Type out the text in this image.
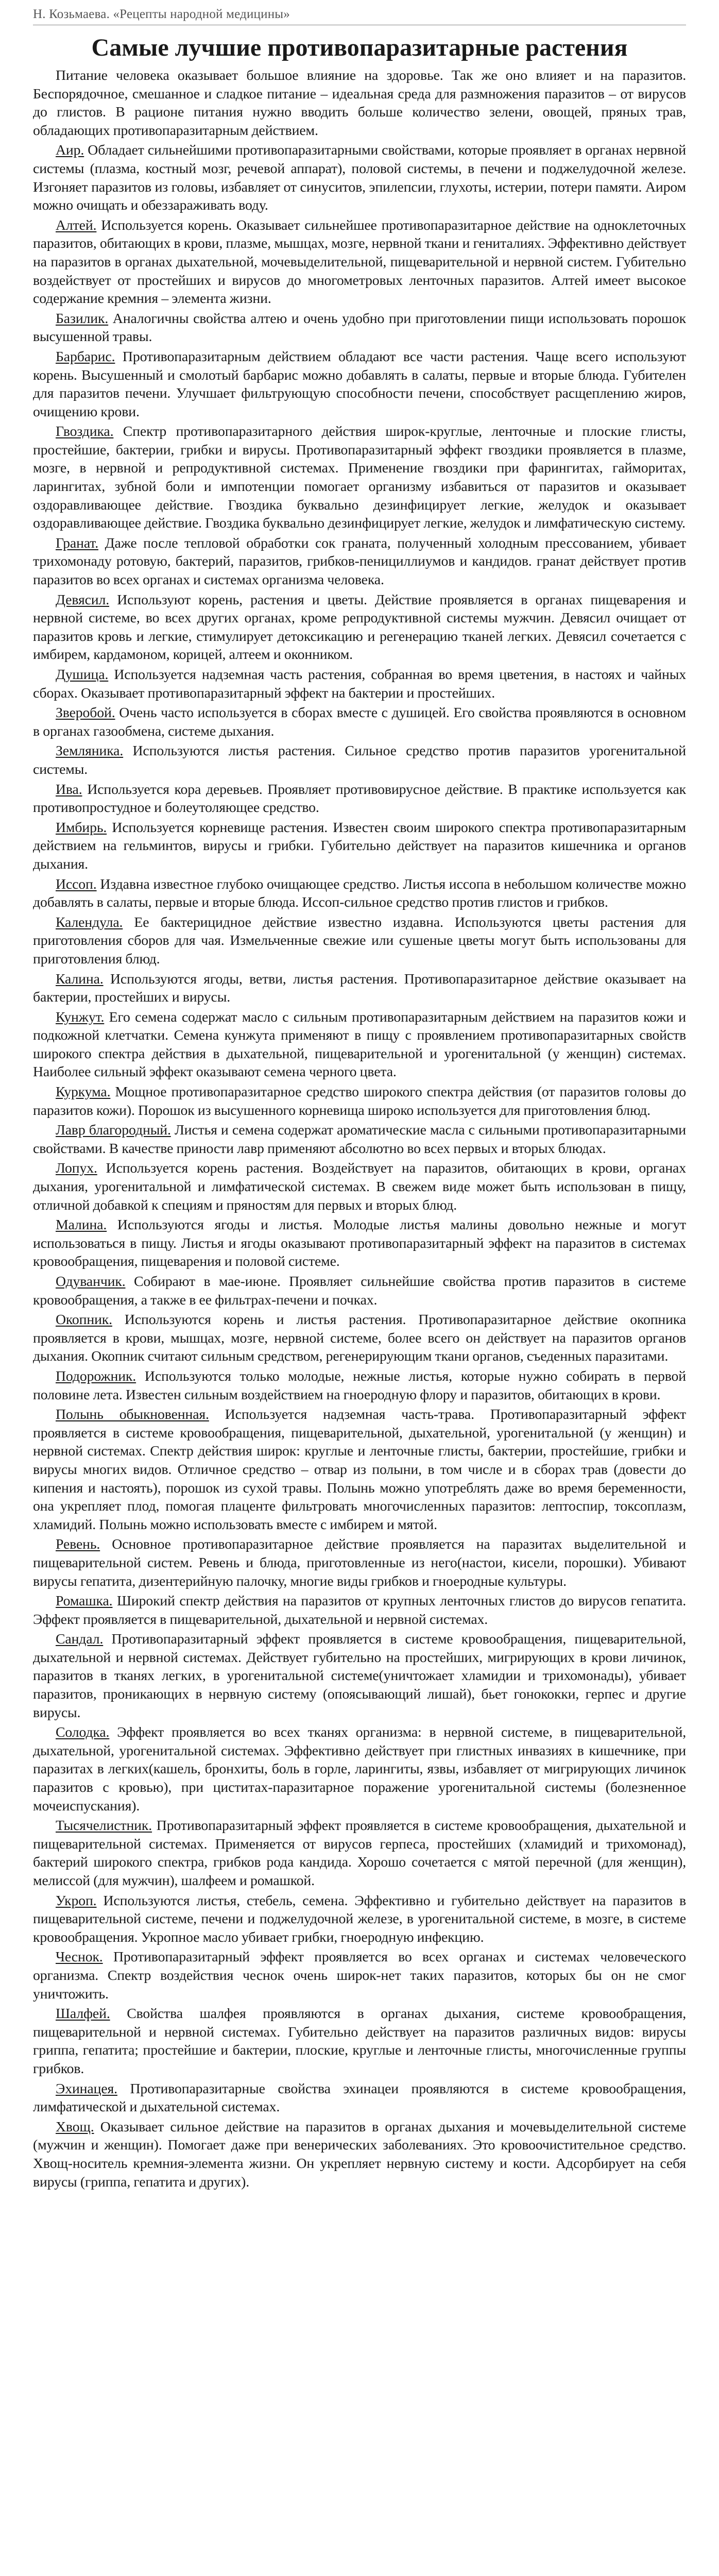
Н. Козьмаева. «Рецепты народной медицины»
Самые лучшие противопаразитарные растения

Питание человека оказывает большое влияние на здоровье. Так же оно влияет и на паразитов. Беспорядочное, смешанное и сладкое питание – идеальная среда для размножения паразитов – от вирусов до глистов. В рационе питания нужно вводить больше количество зелени, овощей, пряных трав, обладающих противопаразитарным действием.

Аир. Обладает сильнейшими противопаразитарными свойствами, которые проявляет в органах нервной системы (плазма, костный мозг, речевой аппарат), половой системы, в печени и поджелудочной железе. Изгоняет паразитов из головы, избавляет от синуситов, эпилепсии, глухоты, истерии, потери памяти. Аиром можно очищать и обеззараживать воду.

Алтей. Используется корень. Оказывает сильнейшее противопаразитарное действие на одноклеточных паразитов, обитающих в крови, плазме, мышцах, мозге, нервной ткани и гениталиях. Эффективно действует на паразитов в органах дыхательной, мочевыделительной, пищеварительной и нервной систем. Губительно воздействует от простейших и вирусов до многометровых ленточных паразитов. Алтей имеет высокое содержание кремния – элемента жизни.

Базилик. Аналогичны свойства алтею и очень удобно при приготовлении пищи использовать порошок высушенной травы.

Барбарис. Противопаразитарным действием обладают все части растения. Чаще всего используют корень. Высушенный и смолотый барбарис можно добавлять в салаты, первые и вторые блюда. Губителен для паразитов печени. Улучшает фильтрующую способности печени, способствует расщеплению жиров, очищению крови.

Гвоздика. Спектр противопаразитарного действия широк-круглые, ленточные и плоские глисты, простейшие, бактерии, грибки и вирусы. Противопаразитарный эффект гвоздики проявляется в плазме, мозге, в нервной и репродуктивной системах. Применение гвоздики при фарингитах, гайморитах, ларингитах, зубной боли и импотенции помогает организму избавиться от паразитов и оказывает оздоравливающее действие. Гвоздика буквально дезинфицирует легкие, желудок и оказывает оздоравливающее действие. Гвоздика буквально дезинфицирует легкие, желудок и лимфатическую систему.

Гранат. Даже после тепловой обработки сок граната, полученный холодным прессованием, убивает трихомонаду ротовую, бактерий, паразитов, грибков-пенициллиумов и кандидов. гранат действует против паразитов во всех органах и системах организма человека.

Девясил. Используют корень, растения и цветы. Действие проявляется в органах пищеварения и нервной системе, во всех других органах, кроме репродуктивной системы мужчин. Девясил очищает от паразитов кровь и легкие, стимулирует детоксикацию и регенерацию тканей легких. Девясил сочетается с имбирем, кардамоном, корицей, алтеем и оконником.

Душица. Используется надземная часть растения, собранная во время цветения, в настоях и чайных сборах. Оказывает противопаразитарный эффект на бактерии и простейших.

Зверобой. Очень часто используется в сборах вместе с душицей. Его свойства проявляются в основном в органах газообмена, системе дыхания.

Земляника. Используются листья растения. Сильное средство против паразитов урогенитальной системы.

Ива. Используется кора деревьев. Проявляет противовирусное действие. В практике используется как противопростудное и болеутоляющее средство.

Имбирь. Используется корневище растения. Известен своим широкого спектра противопаразитарным действием на гельминтов, вирусы и грибки. Губительно действует на паразитов кишечника и органов дыхания.

Иссоп. Издавна известное глубоко очищающее средство. Листья иссопа в небольшом количестве можно добавлять в салаты, первые и вторые блюда. Иссоп-сильное средство против глистов и грибков.

Календула. Ее бактерицидное действие известно издавна. Используются цветы растения для приготовления сборов для чая. Измельченные свежие или сушеные цветы могут быть использованы для приготовления блюд.

Калина. Используются ягоды, ветви, листья растения. Противопаразитарное действие оказывает на бактерии, простейших и вирусы.

Кунжут. Его семена содержат масло с сильным противопаразитарным действием на паразитов кожи и подкожной клетчатки. Семена кунжута применяют в пищу с проявлением противопаразитарных свойств широкого спектра действия в дыхательной, пищеварительной и урогенитальной (у женщин) системах. Наиболее сильный эффект оказывают семена черного цвета.

Куркума. Мощное противопаразитарное средство широкого спектра действия (от паразитов головы до паразитов кожи). Порошок из высушенного корневища широко используется для приготовления блюд.

Лавр благородный. Листья и семена содержат ароматические масла с сильными противопаразитарными свойствами. В качестве приности лавр применяют абсолютно во всех первых и вторых блюдах.

Лопух. Используется корень растения. Воздействует на паразитов, обитающих в крови, органах дыхания, урогенитальной и лимфатической системах. В свежем виде может быть использован в пищу, отличной добавкой к специям и пряностям для первых и вторых блюд.

Малина. Используются ягоды и листья. Молодые листья малины довольно нежные и могут использоваться в пищу. Листья и ягоды оказывают противопаразитарный эффект на паразитов в системах кровообращения, пищеварения и половой системе.

Одуванчик. Собирают в мае-июне. Проявляет сильнейшие свойства против паразитов в системе кровообращения, а также в ее фильтрах-печени и почках.

Окопник. Используются корень и листья растения. Противопаразитарное действие окопника проявляется в крови, мышцах, мозге, нервной системе, более всего он действует на паразитов органов дыхания. Окопник считают сильным средством, регенерирующим ткани органов, съеденных паразитами.

Подорожник. Используются только молодые, нежные листья, которые нужно собирать в первой половине лета. Известен сильным воздействием на гноеродную флору и паразитов, обитающих в крови.

Полынь обыкновенная. Используется надземная часть-трава. Противопаразитарный эффект проявляется в системе кровообращения, пищеварительной, дыхательной, урогенитальной (у женщин) и нервной системах. Спектр действия широк: круглые и ленточные глисты, бактерии, простейшие, грибки и вирусы многих видов. Отличное средство – отвар из полыни, в том числе и в сборах трав (довести до кипения и настоять), порошок из сухой травы. Полынь можно употреблять даже во время беременности, она укрепляет плод, помогая плаценте фильтровать многочисленных паразитов: лептоспир, токсоплазм, хламидий. Полынь можно использовать вместе с имбирем и мятой.

Ревень. Основное противопаразитарное действие проявляется на паразитах выделительной и пищеварительной систем. Ревень и блюда, приготовленные из него(настои, кисели, порошки). Убивают вирусы гепатита, дизентерийную палочку, многие виды грибков и гноеродные культуры.

Ромашка. Широкий спектр действия на паразитов от крупных ленточных глистов до вирусов гепатита. Эффект проявляется в пищеварительной, дыхательной и нервной системах.

Сандал. Противопаразитарный эффект проявляется в системе кровообращения, пищеварительной, дыхательной и нервной системах. Действует губительно на простейших, мигрирующих в крови личинок, паразитов в тканях легких, в урогенитальной системе(уничтожает хламидии и трихомонады), убивает паразитов, проникающих в нервную систему (опоясывающий лишай), бьет гонококки, герпес и другие вирусы.

Солодка. Эффект проявляется во всех тканях организма: в нервной системе, в пищеварительной, дыхательной, урогенитальной системах. Эффективно действует при глистных инвазиях в кишечнике, при паразитах в легких(кашель, бронхиты, боль в горле, ларингиты, язвы, избавляет от мигрирующих личинок паразитов с кровью), при циститах-паразитарное поражение урогенитальной системы (болезненное мочеиспускания).

Тысячелистник. Противопаразитарный эффект проявляется в системе кровообращения, дыхательной и пищеварительной системах. Применяется от вирусов герпеса, простейших (хламидий и трихомонад), бактерий широкого спектра, грибков рода кандида. Хорошо сочетается с мятой перечной (для женщин), мелиссой (для мужчин), шалфеем и ромашкой.

Укроп. Используются листья, стебель, семена. Эффективно и губительно действует на паразитов в пищеварительной системе, печени и поджелудочной железе, в урогенитальной системе, в мозге, в системе кровообращения. Укропное масло убивает грибки, гноеродную инфекцию.

Чеснок. Противопаразитарный эффект проявляется во всех органах и системах человеческого организма. Спектр воздействия чеснок очень широк-нет таких паразитов, которых бы он не смог уничтожить.

Шалфей. Свойства шалфея проявляются в органах дыхания, системе кровообращения, пищеварительной и нервной системах. Губительно действует на паразитов различных видов: вирусы гриппа, гепатита; простейшие и бактерии, плоские, круглые и ленточные глисты, многочисленные группы грибков.

Эхинацея. Противопаразитарные свойства эхинацеи проявляются в системе кровообращения, лимфатической и дыхательной системах.

Хвощ. Оказывает сильное действие на паразитов в органах дыхания и мочевыделительной системе (мужчин и женщин). Помогает даже при венерических заболеваниях. Это кровоочистительное средство. Хвощ-носитель кремния-элемента жизни. Он укрепляет нервную систему и кости. Адсорбирует на себя вирусы (гриппа, гепатита и других).
